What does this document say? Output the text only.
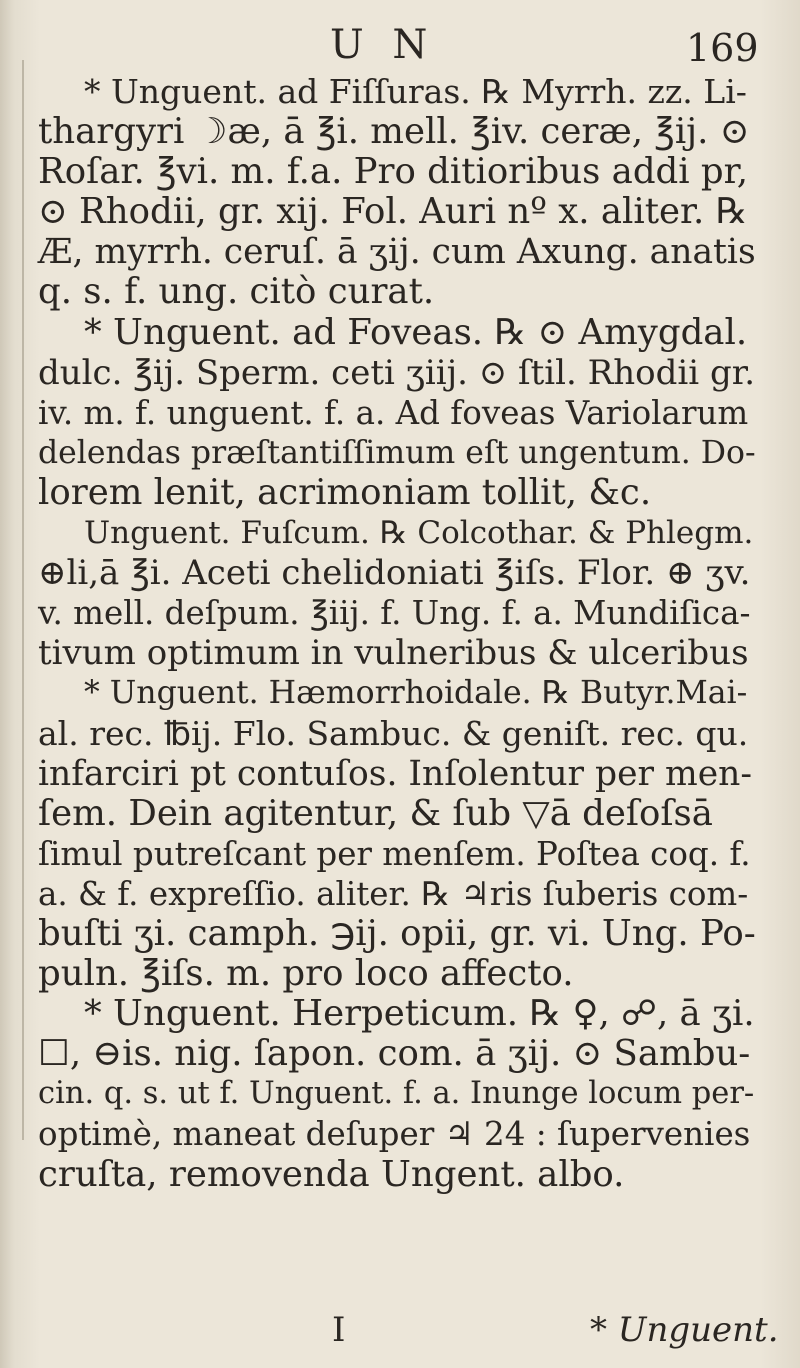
U N	169
* Unguent. ad Fiſſuras. ℞ Myrrh. zz. Li-
thargyri ☽æ, ā ℥i. mell. ℥iv. ceræ, ℥ij. ⊙
Roſar. ℥vi. m. f.a. Pro ditioribus addi pr,
⊙ Rhodii, gr. xij. Fol. Auri nº x. aliter. ℞
Æ, myrrh. ceruſ. ā ʒij. cum Axung. anatis
q. s. f. ung. citò curat.
* Unguent. ad Foveas. ℞ ⊙ Amygdal.
dulc. ℥ij. Sperm. ceti ʒiij. ⊙ ſtil. Rhodii gr.
iv. m. f. unguent. f. a. Ad foveas Variolarum
delendas præſtantiſſimum eſt ungentum. Do-
lorem lenit, acrimoniam tollit, &c.
Unguent. Fuſcum. ℞ Colcothar. & Phlegm.
⊕li,ā ℥i. Aceti chelidoniati ℥iſs. Flor. ⊕ ʒv.
v. mell. deſpum. ℥iij. f. Ung. f. a. Mundiſica-
tivum optimum in vulneribus & ulceribus
* Unguent. Hæmorrhoidale. ℞ Butyr.Mai-
al. rec. ℔ij. Flo. Sambuc. & geniſt. rec. qu.
infarciri pt contuſos. Inſolentur per men-
ſem. Dein agitentur, & ſub ▽ā deſoſsā
ſimul putreſcant per menſem. Poſtea coq. f.
a. & f. expreſſio. aliter. ℞ ♃ris ſuberis com-
buſti ʒi. camph. ℈ij. opii, gr. vi. Ung. Po-
puln. ℥iſs. m. pro loco affecto.
* Unguent. Herpeticum. ℞ ♀, ☍, ā ʒi.
☐, ⊖is. nig. ſapon. com. ā ʒij. ⊙ Sambu-
cin. q. s. ut f. Unguent. f. a. Inunge locum per-
optimè, maneat deſuper ♃ 24 : ſupervenies
cruſta, removenda Ungent. albo.
I	* Unguent.
